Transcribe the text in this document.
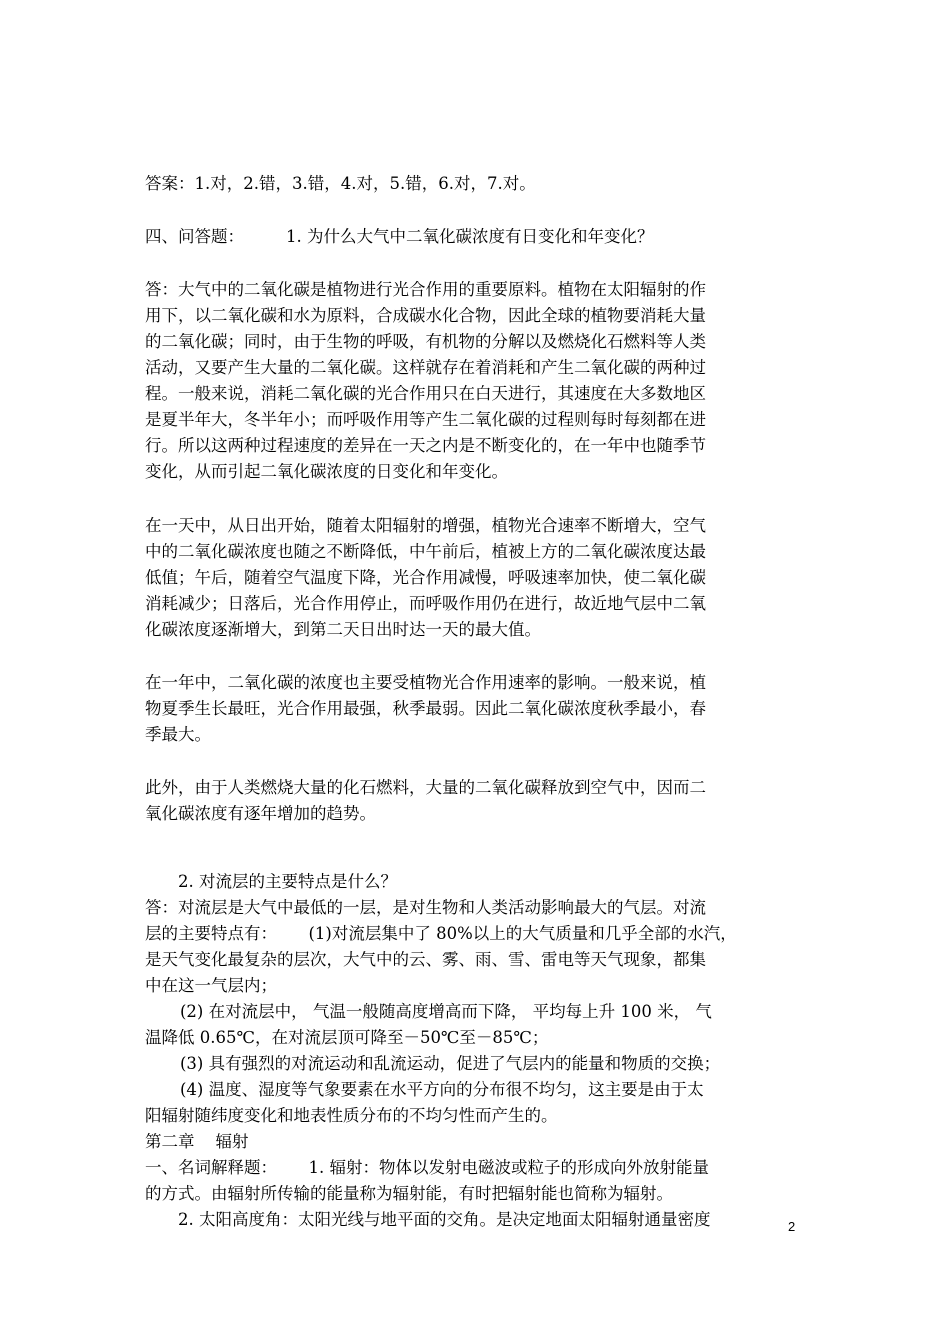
答案：1.对，2.错，3.错，4.对，5.错，6.对，7.对。
四、问答题：        1. 为什么大气中二氧化碳浓度有日变化和年变化？
答：大气中的二氧化碳是植物进行光合作用的重要原料。植物在太阳辐射的作
用下，以二氧化碳和水为原料，合成碳水化合物，因此全球的植物要消耗大量
的二氧化碳；同时，由于生物的呼吸，有机物的分解以及燃烧化石燃料等人类
活动，又要产生大量的二氧化碳。这样就存在着消耗和产生二氧化碳的两种过
程。一般来说，消耗二氧化碳的光合作用只在白天进行，其速度在大多数地区
是夏半年大，冬半年小；而呼吸作用等产生二氧化碳的过程则每时每刻都在进
行。所以这两种过程速度的差异在一天之内是不断变化的，在一年中也随季节
变化，从而引起二氧化碳浓度的日变化和年变化。
在一天中，从日出开始，随着太阳辐射的增强，植物光合速率不断增大，空气
中的二氧化碳浓度也随之不断降低，中午前后，植被上方的二氧化碳浓度达最
低值；午后，随着空气温度下降，光合作用减慢，呼吸速率加快，使二氧化碳
消耗减少；日落后，光合作用停止，而呼吸作用仍在进行，故近地气层中二氧
化碳浓度逐渐增大，到第二天日出时达一天的最大值。
在一年中，二氧化碳的浓度也主要受植物光合作用速率的影响。一般来说，植
物夏季生长最旺，光合作用最强，秋季最弱。因此二氧化碳浓度秋季最小，春
季最大。
此外，由于人类燃烧大量的化石燃料，大量的二氧化碳释放到空气中，因而二
氧化碳浓度有逐年增加的趋势。
2. 对流层的主要特点是什么？
答：对流层是大气中最低的一层，是对生物和人类活动影响最大的气层。对流
层的主要特点有：      (1)对流层集中了 80%以上的大气质量和几乎全部的水汽，
是天气变化最复杂的层次，大气中的云、雾、雨、雪、雷电等天气现象，都集
中在这一气层内；
(2) 在对流层中， 气温一般随高度增高而下降， 平均每上升 100 米， 气
温降低 0.65℃，在对流层顶可降至－50℃至－85℃；
(3) 具有强烈的对流运动和乱流运动，促进了气层内的能量和物质的交换；
(4) 温度、湿度等气象要素在水平方向的分布很不均匀，这主要是由于太
阳辐射随纬度变化和地表性质分布的不均匀性而产生的。
第二章    辐射
一、名词解释题：      1. 辐射：物体以发射电磁波或粒子的形成向外放射能量
的方式。由辐射所传输的能量称为辐射能，有时把辐射能也简称为辐射。
2. 太阳高度角：太阳光线与地平面的交角。是决定地面太阳辐射通量密度	2
